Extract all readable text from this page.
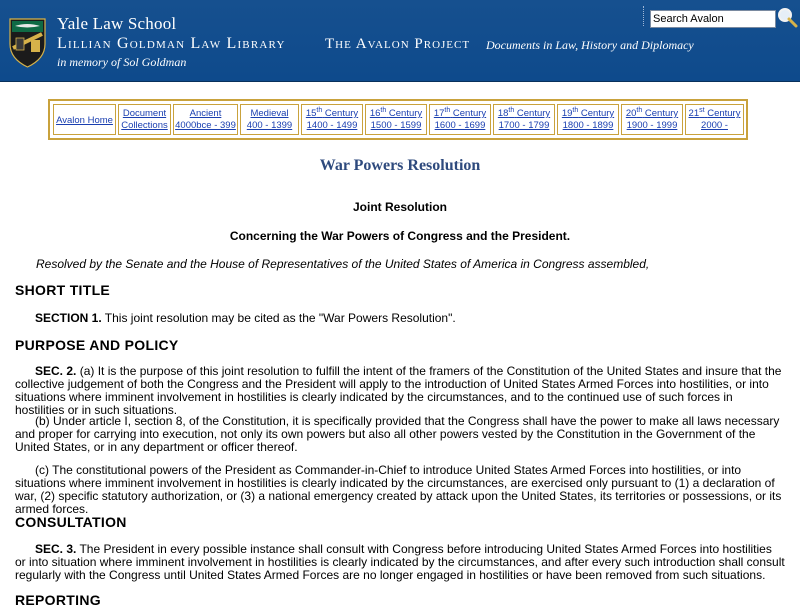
Yale Law School
Lillian Goldman Law Library
in memory of Sol Goldman
The Avalon Project Documents in Law, History and Diplomacy
Search Avalon
Avalon Home
Document
Collections
Ancient
4000bce - 399
Medieval
400 - 1399
15th Century
1400 - 1499
16th Century
1500 - 1599
17th Century
1600 - 1699
18th Century
1700 - 1799
19th Century
1800 - 1899
20th Century
1900 - 1999
21st Century
2000 -
War Powers Resolution
Joint Resolution
Concerning the War Powers of Congress and the President.
Resolved by the Senate and the House of Representatives of the United States of America in Congress assembled,
SHORT TITLE
SECTION 1. This joint resolution may be cited as the "War Powers Resolution".
PURPOSE AND POLICY
SEC. 2. (a) It is the purpose of this joint resolution to fulfill the intent of the framers of the Constitution of the United States and insure that the collective judgement of both the Congress and the President will apply to the introduction of United States Armed Forces into hostilities, or into situations where imminent involvement in hostilities is clearly indicated by the circumstances, and to the continued use of such forces in hostilities or in such situations.
(b) Under article I, section 8, of the Constitution, it is specifically provided that the Congress shall have the power to make all laws necessary and proper for carrying into execution, not only its own powers but also all other powers vested by the Constitution in the Government of the United States, or in any department or officer thereof.
(c) The constitutional powers of the President as Commander-in-Chief to introduce United States Armed Forces into hostilities, or into situations where imminent involvement in hostilities is clearly indicated by the circumstances, are exercised only pursuant to (1) a declaration of war, (2) specific statutory authorization, or (3) a national emergency created by attack upon the United States, its territories or possessions, or its armed forces.
CONSULTATION
SEC. 3. The President in every possible instance shall consult with Congress before introducing United States Armed Forces into hostilities or into situation where imminent involvement in hostilities is clearly indicated by the circumstances, and after every such introduction shall consult regularly with the Congress until United States Armed Forces are no longer engaged in hostilities or have been removed from such situations.
REPORTING
